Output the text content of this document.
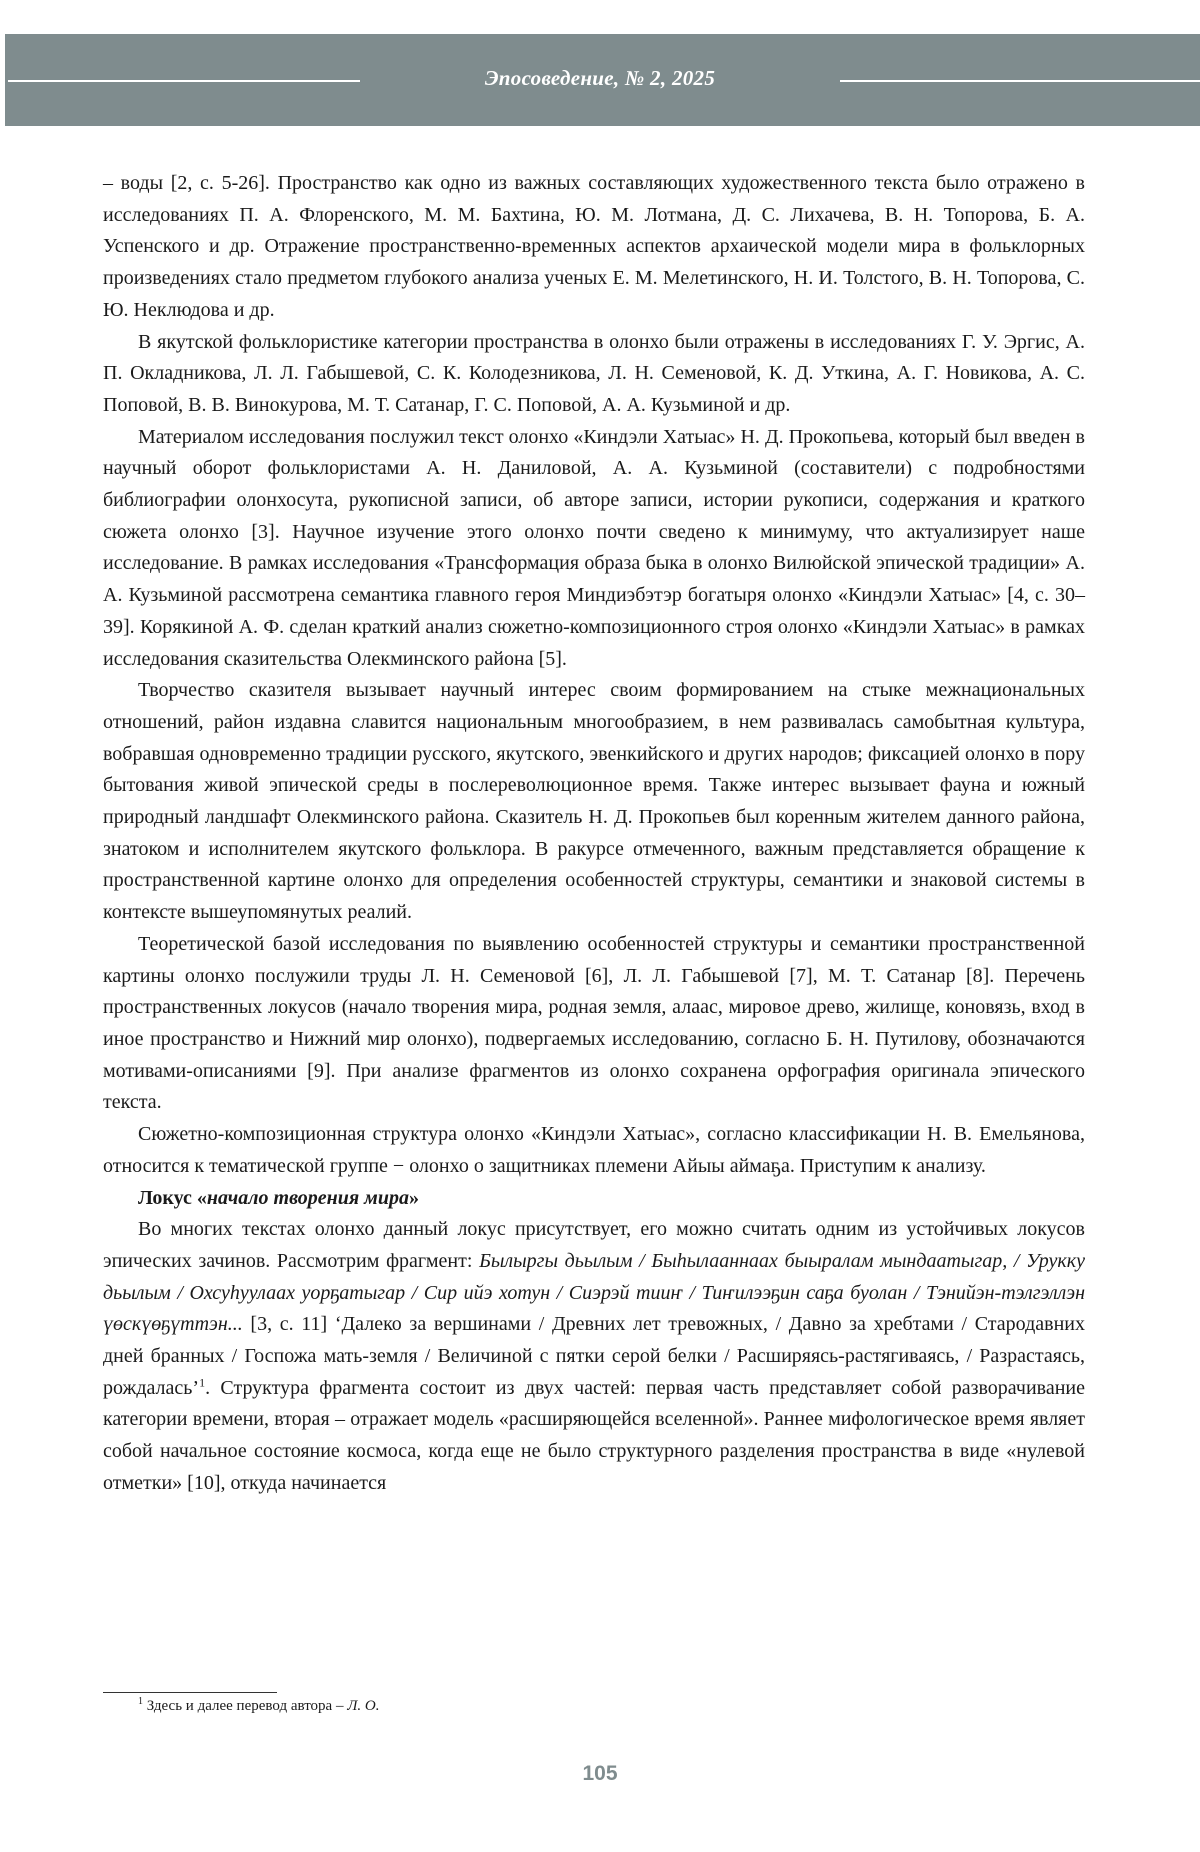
Эпосоведение, № 2, 2025

– воды [2, с. 5-26]. Пространство как одно из важных составляющих художественного текста было отражено в исследованиях П. А. Флоренского, М. М. Бахтина, Ю. М. Лотмана, Д. С. Лихачева, В. Н. Топорова, Б. А. Успенского и др. Отражение пространственно-временных аспектов архаической модели мира в фольклорных произведениях стало предметом глубокого анализа ученых Е. М. Мелетинского, Н. И. Толстого, В. Н. Топорова, С. Ю. Неклюдова и др.

В якутской фольклористике категории пространства в олонхо были отражены в исследованиях Г. У. Эргис, А. П. Окладникова, Л. Л. Габышевой, С. К. Колодезникова, Л. Н. Семеновой, К. Д. Уткина, А. Г. Новикова, А. С. Поповой, В. В. Винокурова, М. Т. Сатанар, Г. С. Поповой, А. А. Кузьминой и др.

Материалом исследования послужил текст олонхо «Киндэли Хатыас» Н. Д. Прокопьева, который был введен в научный оборот фольклористами А. Н. Даниловой, А. А. Кузьминой (составители) с подробностями библиографии олонхосута, рукописной записи, об авторе записи, истории рукописи, содержания и краткого сюжета олонхо [3]. Научное изучение этого олонхо почти сведено к минимуму, что актуализирует наше исследование. В рамках исследования «Трансформация образа быка в олонхо Вилюйской эпической традиции» А. А. Кузьминой рассмотрена семантика главного героя Миндиэбэтэр богатыря олонхо «Киндэли Хатыас» [4, с. 30–39]. Корякиной А. Ф. сделан краткий анализ сюжетно-композиционного строя олонхо «Киндэли Хатыас» в рамках исследования сказительства Олекминского района [5].

Творчество сказителя вызывает научный интерес своим формированием на стыке межнациональных отношений, район издавна славится национальным многообразием, в нем развивалась самобытная культура, вобравшая одновременно традиции русского, якутского, эвенкийского и других народов; фиксацией олонхо в пору бытования живой эпической среды в послереволюционное время. Также интерес вызывает фауна и южный природный ландшафт Олекминского района. Сказитель Н. Д. Прокопьев был коренным жителем данного района, знатоком и исполнителем якутского фольклора. В ракурсе отмеченного, важным представляется обращение к пространственной картине олонхо для определения особенностей структуры, семантики и знаковой системы в контексте вышеупомянутых реалий.

Теоретической базой исследования по выявлению особенностей структуры и семантики пространственной картины олонхо послужили труды Л. Н. Семеновой [6], Л. Л. Габышевой [7], М. Т. Сатанар [8]. Перечень пространственных локусов (начало творения мира, родная земля, алаас, мировое древо, жилище, коновязь, вход в иное пространство и Нижний мир олонхо), подвергаемых исследованию, согласно Б. Н. Путилову, обозначаются мотивами-описаниями [9]. При анализе фрагментов из олонхо сохранена орфография оригинала эпического текста.

Сюжетно-композиционная структура олонхо «Киндэли Хатыас», согласно классификации Н. В. Емельянова, относится к тематической группе − олонхо о защитниках племени Айыы аймаҕа. Приступим к анализу.

Локус «начало творения мира»

Во многих текстах олонхо данный локус присутствует, его можно считать одним из устойчивых локусов эпических зачинов. Рассмотрим фрагмент: Былыргы дьылым / Быһылааннаах быыралам мындаатыгар, / Урукку дьылым / Охсуһуулаах уорҕатыгар / Сир ийэ хотун / Сиэрэй тииҥ / Тиҥилээҕин саҕа буолан / Тэнийэн-тэлгэллэн үөскүөҕүттэн... [3, с. 11] ‘Далеко за вершинами / Древних лет тревожных, / Давно за хребтами / Стародавних дней бранных / Госпожа мать-земля / Величиной с пятки серой белки / Расширяясь-растягиваясь, / Разрастаясь, рождалась’$^1$. Структура фрагмента состоит из двух частей: первая часть представляет собой разворачивание категории времени, вторая – отражает модель «расширяющейся вселенной». Раннее мифологическое время являет собой начальное состояние космоса, когда еще не было структурного разделения пространства в виде «нулевой отметки» [10], откуда начинается

$^1$ Здесь и далее перевод автора – Л. О.
105
